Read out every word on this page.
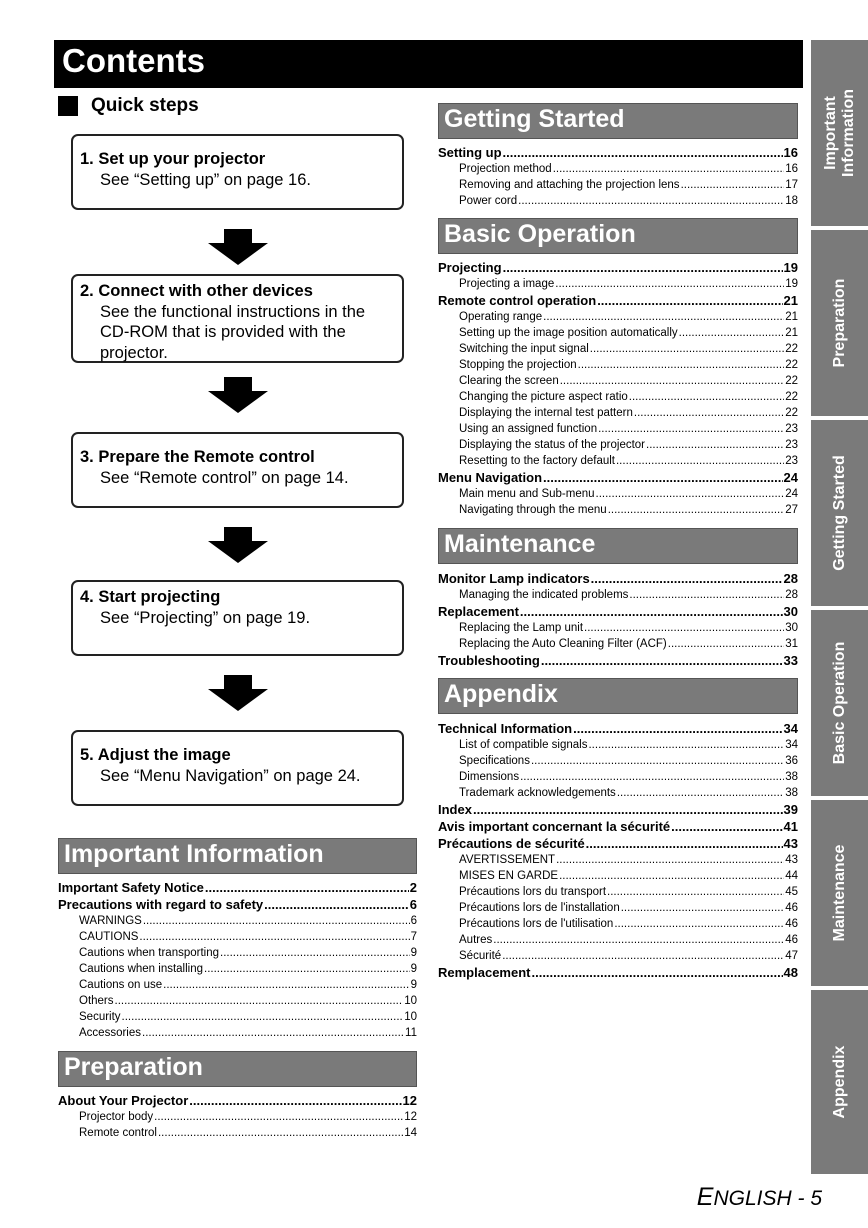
Contents
Quick steps
1. Set up your projector
See “Setting up” on page 16.
2. Connect with other devices
See the functional instructions in the
CD-ROM that is provided with the
projector.
3. Prepare the Remote control
See “Remote control” on page 14.
4. Start projecting
See “Projecting” on page 19.
5. Adjust the image
See “Menu Navigation” on page 24.
Important Information
Preparation
Getting Started
Basic Operation
Maintenance
Appendix
Important Safety Notice .....	2
Precautions with regard to safety .....	6
WARNINGS .....	6
CAUTIONS .....	7
Cautions when transporting .....	9
Cautions when installing .....	9
Cautions on use .....	9
Others .....	10
Security .....	10
Accessories .....	11
About Your Projector .....	12
Projector body .....	12
Remote control .....	14
Setting up .....	16
Projection method .....	16
Removing and attaching the projection lens .....	17
Power cord .....	18
Projecting .....	19
Projecting a image .....	19
Remote control operation .....	21
Operating range .....	21
Setting up the image position automatically .....	21
Switching the input signal .....	22
Stopping the projection .....	22
Clearing the screen .....	22
Changing the picture aspect ratio .....	22
Displaying the internal test pattern .....	22
Using an assigned function .....	23
Displaying the status of the projector .....	23
Resetting to the factory default .....	23
Menu Navigation .....	24
Main menu and Sub-menu .....	24
Navigating through the menu .....	27
Monitor Lamp indicators .....	28
Managing the indicated problems .....	28
Replacement .....	30
Replacing the Lamp unit .....	30
Replacing the Auto Cleaning Filter (ACF) .....	31
Troubleshooting .....	33
Technical Information .....	34
List of compatible signals .....	34
Specifications .....	36
Dimensions .....	38
Trademark acknowledgements .....	38
Index .....	39
Avis important concernant la sécurité .....	41
Précautions de sécurité .....	43
AVERTISSEMENT .....	43
MISES EN GARDE .....	44
Précautions lors du transport .....	45
Précautions lors de l'installation .....	46
Précautions lors de l'utilisation .....	46
Autres .....	46
Sécurité .....	47
Remplacement .....	48
Important Information
Preparation
Getting Started
Basic Operation
Maintenance
Appendix
ENGLISH - 5
